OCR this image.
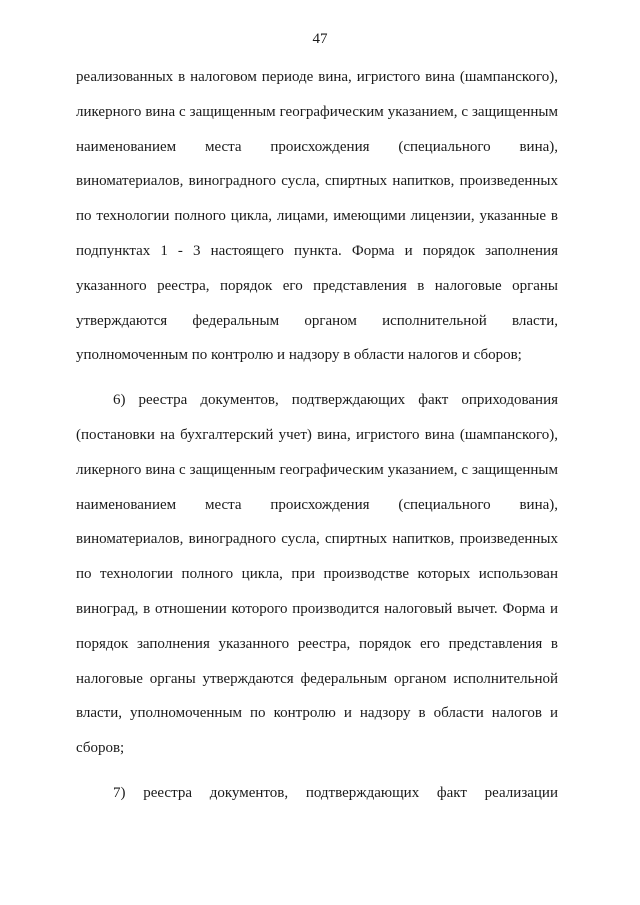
47

реализованных в налоговом периоде вина, игристого вина (шампанского), ликерного вина с защищенным географическим указанием, с защищенным наименованием места происхождения (специального вина), виноматериалов, виноградного сусла, спиртных напитков, произведенных по технологии полного цикла, лицами, имеющими лицензии, указанные в подпунктах 1 - 3 настоящего пункта. Форма и порядок заполнения указанного реестра, порядок его представления в налоговые органы утверждаются федеральным органом исполнительной власти, уполномоченным по контролю и надзору в области налогов и сборов;

6) реестра документов, подтверждающих факт оприходования (постановки на бухгалтерский учет) вина, игристого вина (шампанского), ликерного вина с защищенным географическим указанием, с защищенным наименованием места происхождения (специального вина), виноматериалов, виноградного сусла, спиртных напитков, произведенных по технологии полного цикла, при производстве которых использован виноград, в отношении которого производится налоговый вычет. Форма и порядок заполнения указанного реестра, порядок его представления в налоговые органы утверждаются федеральным органом исполнительной власти, уполномоченным по контролю и надзору в области налогов и сборов;

7) реестра документов, подтверждающих факт реализации
